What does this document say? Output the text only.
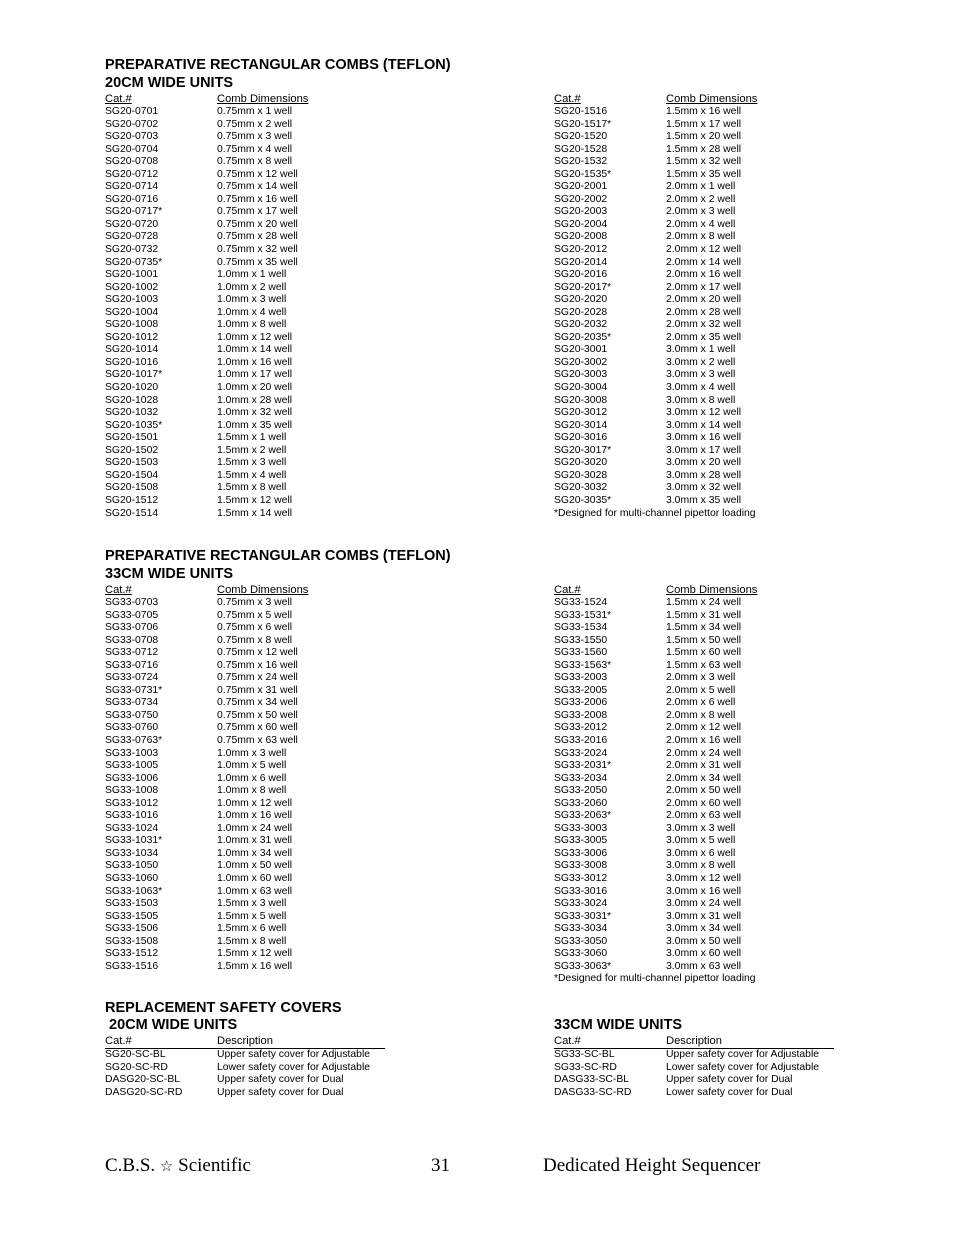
PREPARATIVE RECTANGULAR COMBS (TEFLON)
20CM WIDE UNITS
Cat.#	Comb Dimensions
SG20-0701	0.75mm x 1 well
SG20-0702	0.75mm x 2 well
SG20-0703	0.75mm x 3 well
SG20-0704	0.75mm x 4 well
SG20-0708	0.75mm x 8 well
SG20-0712	0.75mm x 12 well
SG20-0714	0.75mm x 14 well
SG20-0716	0.75mm x 16 well
SG20-0717*	0.75mm x 17 well
SG20-0720	0.75mm x 20 well
SG20-0728	0.75mm x 28 well
SG20-0732	0.75mm x 32 well
SG20-0735*	0.75mm x 35 well
SG20-1001	1.0mm x 1 well
SG20-1002	1.0mm x 2 well
SG20-1003	1.0mm x 3 well
SG20-1004	1.0mm x 4 well
SG20-1008	1.0mm x 8 well
SG20-1012	1.0mm x 12 well
SG20-1014	1.0mm x 14 well
SG20-1016	1.0mm x 16 well
SG20-1017*	1.0mm x 17 well
SG20-1020	1.0mm x 20 well
SG20-1028	1.0mm x 28 well
SG20-1032	1.0mm x 32 well
SG20-1035*	1.0mm x 35 well
SG20-1501	1.5mm x 1 well
SG20-1502	1.5mm x 2 well
SG20-1503	1.5mm x 3 well
SG20-1504	1.5mm x 4 well
SG20-1508	1.5mm x 8 well
SG20-1512	1.5mm x 12 well
SG20-1514	1.5mm x 14 well
Cat.#	Comb Dimensions
SG20-1516	1.5mm x 16 well
SG20-1517*	1.5mm x 17 well
SG20-1520	1.5mm x 20 well
SG20-1528	1.5mm x 28 well
SG20-1532	1.5mm x 32 well
SG20-1535*	1.5mm x 35 well
SG20-2001	2.0mm x 1 well
SG20-2002	2.0mm x 2 well
SG20-2003	2.0mm x 3 well
SG20-2004	2.0mm x 4 well
SG20-2008	2.0mm x 8 well
SG20-2012	2.0mm x 12 well
SG20-2014	2.0mm x 14 well
SG20-2016	2.0mm x 16 well
SG20-2017*	2.0mm x 17 well
SG20-2020	2.0mm x 20 well
SG20-2028	2.0mm x 28 well
SG20-2032	2.0mm x 32 well
SG20-2035*	2.0mm x 35 well
SG20-3001	3.0mm x 1 well
SG20-3002	3.0mm x 2 well
SG20-3003	3.0mm x 3 well
SG20-3004	3.0mm x 4 well
SG20-3008	3.0mm x 8 well
SG20-3012	3.0mm x 12 well
SG20-3014	3.0mm x 14 well
SG20-3016	3.0mm x 16 well
SG20-3017*	3.0mm x 17 well
SG20-3020	3.0mm x 20 well
SG20-3028	3.0mm x 28 well
SG20-3032	3.0mm x 32 well
SG20-3035*	3.0mm x 35 well
*Designed for multi-channel pipettor loading
PREPARATIVE RECTANGULAR COMBS (TEFLON)
33CM WIDE UNITS
Cat.#	Comb Dimensions
SG33-0703	0.75mm x 3 well
SG33-0705	0.75mm x 5 well
SG33-0706	0.75mm x 6 well
SG33-0708	0.75mm x 8 well
SG33-0712	0.75mm x 12 well
SG33-0716	0.75mm x 16 well
SG33-0724	0.75mm x 24 well
SG33-0731*	0.75mm x 31 well
SG33-0734	0.75mm x 34 well
SG33-0750	0.75mm x 50 well
SG33-0760	0.75mm x 60 well
SG33-0763*	0.75mm x 63 well
SG33-1003	1.0mm x 3 well
SG33-1005	1.0mm x 5 well
SG33-1006	1.0mm x 6 well
SG33-1008	1.0mm x 8 well
SG33-1012	1.0mm x 12 well
SG33-1016	1.0mm x 16 well
SG33-1024	1.0mm x 24 well
SG33-1031*	1.0mm x 31 well
SG33-1034	1.0mm x 34 well
SG33-1050	1.0mm x 50 well
SG33-1060	1.0mm x 60 well
SG33-1063*	1.0mm x 63 well
SG33-1503	1.5mm x 3 well
SG33-1505	1.5mm x 5 well
SG33-1506	1.5mm x 6 well
SG33-1508	1.5mm x 8 well
SG33-1512	1.5mm x 12 well
SG33-1516	1.5mm x 16 well
Cat.#	Comb Dimensions
SG33-1524	1.5mm x 24 well
SG33-1531*	1.5mm x 31 well
SG33-1534	1.5mm x 34 well
SG33-1550	1.5mm x 50 well
SG33-1560	1.5mm x 60 well
SG33-1563*	1.5mm x 63 well
SG33-2003	2.0mm x 3 well
SG33-2005	2.0mm x 5 well
SG33-2006	2.0mm x 6 well
SG33-2008	2.0mm x 8 well
SG33-2012	2.0mm x 12 well
SG33-2016	2.0mm x 16 well
SG33-2024	2.0mm x 24 well
SG33-2031*	2.0mm x 31 well
SG33-2034	2.0mm x 34 well
SG33-2050	2.0mm x 50 well
SG33-2060	2.0mm x 60 well
SG33-2063*	2.0mm x 63 well
SG33-3003	3.0mm x 3 well
SG33-3005	3.0mm x 5 well
SG33-3006	3.0mm x 6 well
SG33-3008	3.0mm x 8 well
SG33-3012	3.0mm x 12 well
SG33-3016	3.0mm x 16 well
SG33-3024	3.0mm x 24 well
SG33-3031*	3.0mm x 31 well
SG33-3034	3.0mm x 34 well
SG33-3050	3.0mm x 50 well
SG33-3060	3.0mm x 60 well
SG33-3063*	3.0mm x 63 well
*Designed for multi-channel pipettor loading
REPLACEMENT SAFETY COVERS
20CM WIDE UNITS
Cat.#	Description
SG20-SC-BL	Upper safety cover for Adjustable
SG20-SC-RD	Lower safety cover for Adjustable
DASG20-SC-BL	Upper safety cover for Dual
DASG20-SC-RD	Upper safety cover for Dual
33CM WIDE UNITS
Cat.#	Description
SG33-SC-BL	Upper safety cover for Adjustable
SG33-SC-RD	Lower safety cover for Adjustable
DASG33-SC-BL	Upper safety cover for Dual
DASG33-SC-RD	Lower safety cover for Dual
C.B.S. ☆ Scientific	31	Dedicated Height Sequencer
